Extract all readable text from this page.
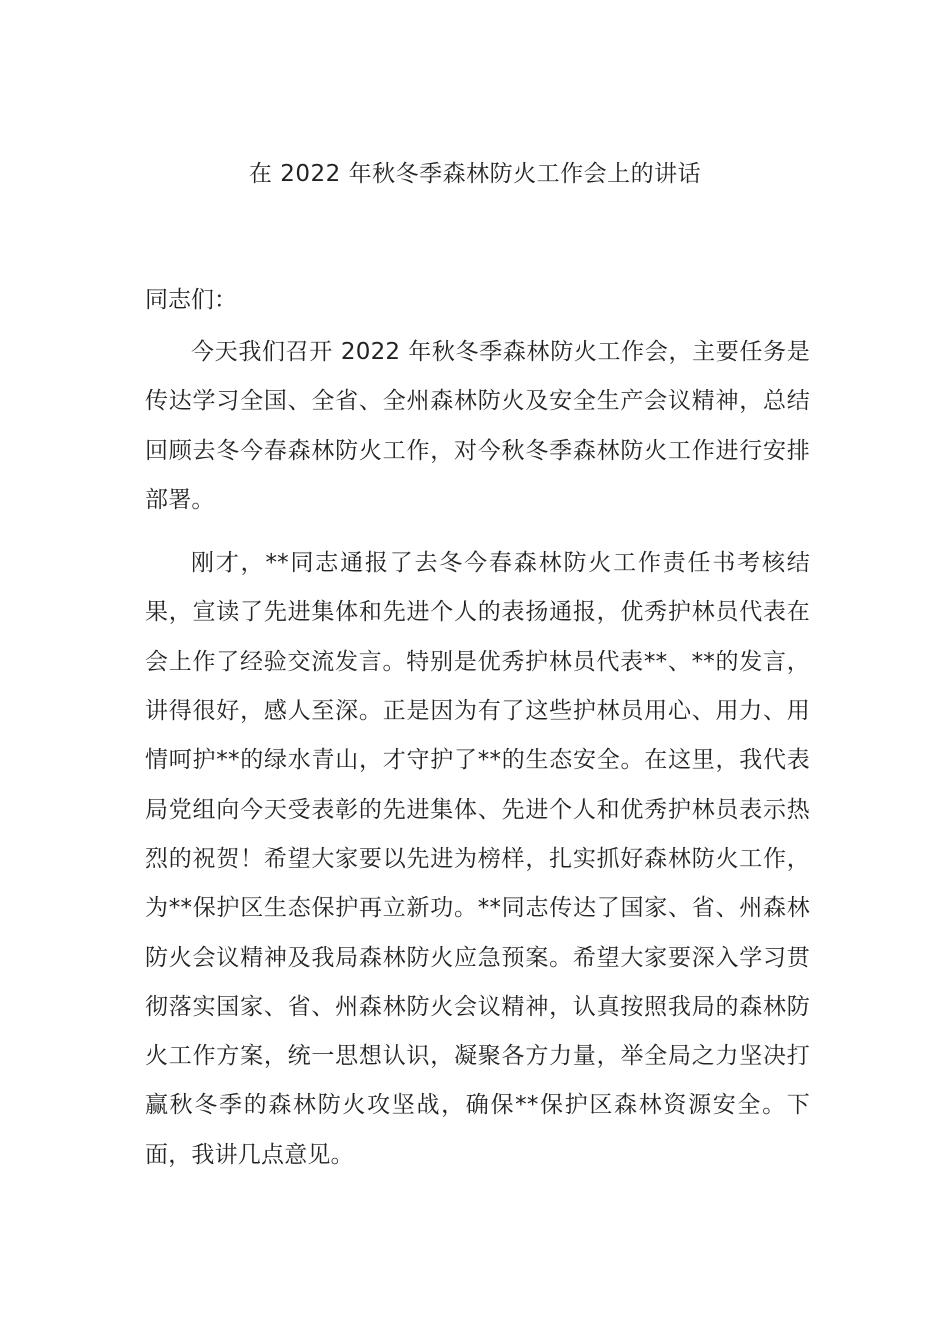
在 2022 年秋冬季森林防火工作会上的讲话

同志们：

今天我们召开 2022 年秋冬季森林防火工作会，主要任务是传达学习全国、全省、全州森林防火及安全生产会议精神，总结回顾去冬今春森林防火工作，对今秋冬季森林防火工作进行安排部署。

刚才，**同志通报了去冬今春森林防火工作责任书考核结果，宣读了先进集体和先进个人的表扬通报，优秀护林员代表在会上作了经验交流发言。特别是优秀护林员代表**、**的发言，讲得很好，感人至深。正是因为有了这些护林员用心、用力、用情呵护**的绿水青山，才守护了**的生态安全。在这里，我代表局党组向今天受表彰的先进集体、先进个人和优秀护林员表示热烈的祝贺！希望大家要以先进为榜样，扎实抓好森林防火工作，为**保护区生态保护再立新功。**同志传达了国家、省、州森林防火会议精神及我局森林防火应急预案。希望大家要深入学习贯彻落实国家、省、州森林防火会议精神，认真按照我局的森林防火工作方案，统一思想认识，凝聚各方力量，举全局之力坚决打赢秋冬季的森林防火攻坚战，确保**保护区森林资源安全。下面，我讲几点意见。
